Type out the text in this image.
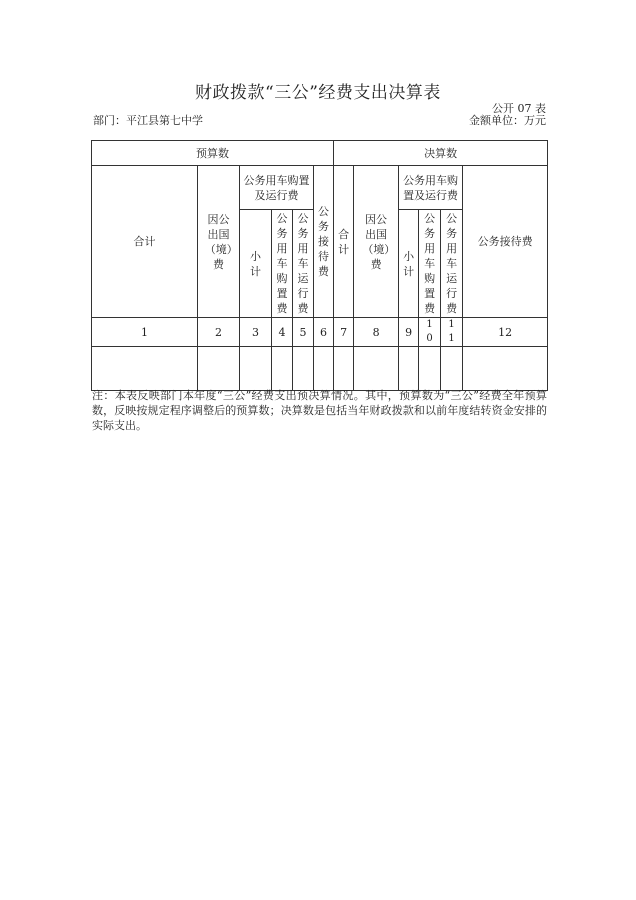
财政拨款“三公”经费支出决算表
公开 07 表
部门：平江县第七中学	金额单位：万元
预算数						决算数					
合计	因公出国（境）费	公务用车购置及运行费			公务接待费	合计	因公出国（境）费	公务用车购置及运行费			公务接待费
		小计	公务用车购置费	公务用车运行费				小计	公务用车购置费	公务用车运行费	
1	2	3	4	5	6	7	8	9	10	11	12

注：本表反映部门本年度“三公”经费支出预决算情况。其中，预算数为“三公”经费全年预算数，反映按规定程序调整后的预算数；决算数是包括当年财政拨款和以前年度结转资金安排的实际支出。
